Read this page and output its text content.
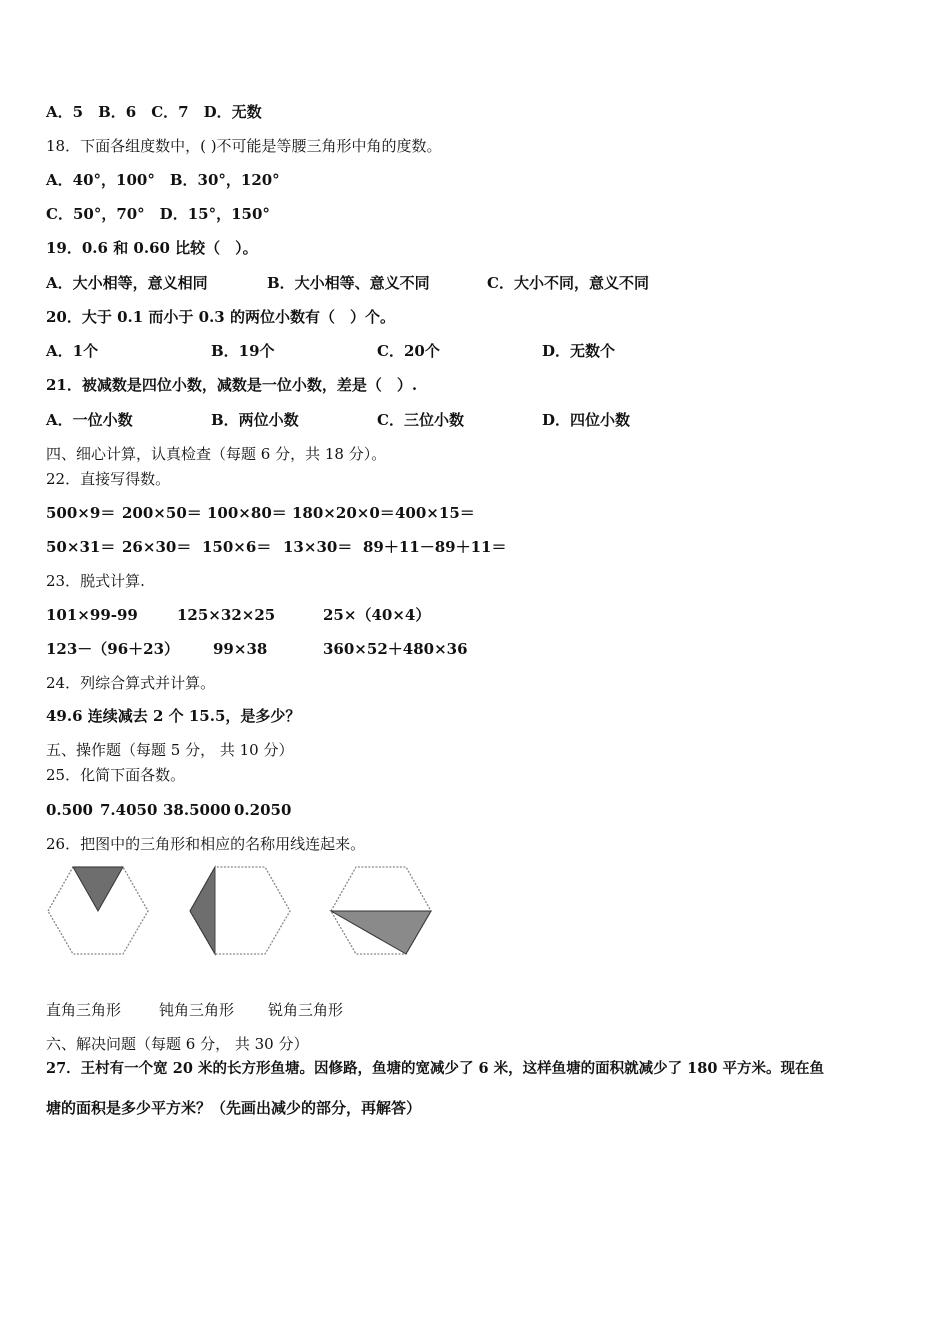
A．5　B．6　C．7　D．无数
18．下面各组度数中，( )不可能是等腰三角形中角的度数。
A．40°，100°　B．30°，120°
C．50°，70°　D．15°，150°
19．0.6 和 0.60 比较（　）。
A．大小相等，意义相同	B．大小相等、意义不同	C．大小不同，意义不同
20．大于 0.1 而小于 0.3 的两位小数有（　）个。
A．1个	B．19个	C．20个	D．无数个
21．被减数是四位小数，减数是一位小数，差是（　）.
A．一位小数	B．两位小数	C．三位小数	D．四位小数
四、细心计算，认真检查（每题 6 分，共 18 分）。
22．直接写得数。
500×9＝ 200×50＝ 100×80＝ 180×20×0＝400×15＝
50×31＝ 26×30＝ 150×6＝ 13×30＝ 89＋11－89＋11＝
23．脱式计算.
101×99-99	125×32×25	25×（40×4）
123－（96＋23） 99×38	360×52＋480×36
24．列综合算式并计算。
49.6 连续减去 2 个 15.5，是多少？
五、操作题（每题 5 分， 共 10 分）
25．化简下面各数。
0.500 7.4050 38.5000 0.2050
26．把图中的三角形和相应的名称用线连起来。
直角三角形	钝角三角形 锐角三角形
六、解决问题（每题 6 分， 共 30 分）
27．王村有一个宽 20 米的长方形鱼塘。因修路，鱼塘的宽减少了 6 米，这样鱼塘的面积就减少了 180 平方米。现在鱼
塘的面积是多少平方米？（先画出减少的部分，再解答）
